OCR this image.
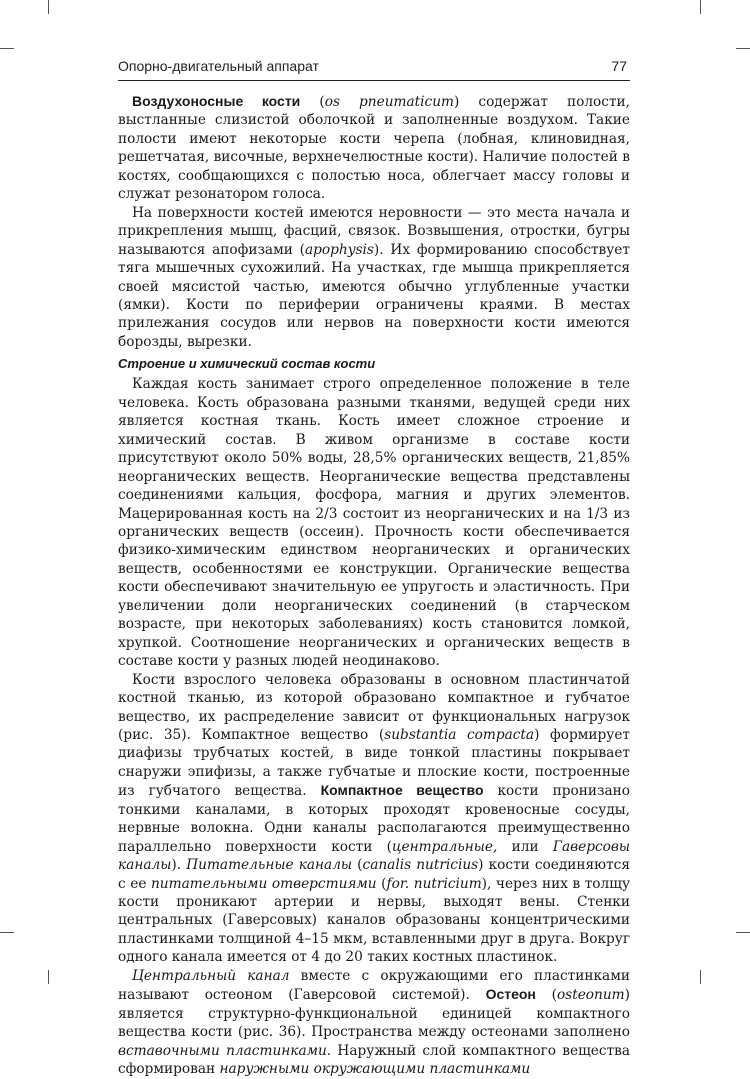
Опорно-двигательный аппарат	77

Воздухоносные кости (os pneumaticum) содержат полости, выстланные слизистой оболочкой и заполненные воздухом. Такие полости имеют некоторые кости черепа (лобная, клиновидная, решетчатая, височные, верхнечелюстные кости). Наличие полостей в костях, сообщающихся с полостью носа, облегчает массу головы и служат резонатором голоса.

На поверхности костей имеются неровности — это места начала и прикрепления мышц, фасций, связок. Возвышения, отростки, бугры называются апофизами (apophysis). Их формированию способствует тяга мышечных сухожилий. На участках, где мышца прикрепляется своей мясистой частью, имеются обычно углубленные участки (ямки). Кости по периферии ограничены краями. В местах прилежания сосудов или нервов на поверхности кости имеются борозды, вырезки.

Строение и химический состав кости

Каждая кость занимает строго определенное положение в теле человека. Кость образована разными тканями, ведущей среди них является костная ткань. Кость имеет сложное строение и химический состав. В живом организме в составе кости присутствуют около 50% воды, 28,5% органических веществ, 21,85% неорганических веществ. Неорганические вещества представлены соединениями кальция, фосфора, магния и других элементов. Мацерированная кость на 2/3 состоит из неорганических и на 1/3 из органических веществ (оссеин). Прочность кости обеспечивается физико-химическим единством неорганических и органических веществ, особенностями ее конструкции. Органические вещества кости обеспечивают значительную ее упругость и эластичность. При увеличении доли неорганических соединений (в старческом возрасте, при некоторых заболеваниях) кость становится ломкой, хрупкой. Соотношение неорганических и органических веществ в составе кости у разных людей неодинаково.

Кости взрослого человека образованы в основном пластинчатой костной тканью, из которой образовано компактное и губчатое вещество, их распределение зависит от функциональных нагрузок (рис. 35). Компактное вещество (substantia compacta) формирует диафизы трубчатых костей, в виде тонкой пластины покрывает снаружи эпифизы, а также губчатые и плоские кости, построенные из губчатого вещества. Компактное вещество кости пронизано тонкими каналами, в которых проходят кровеносные сосуды, нервные волокна. Одни каналы располагаются преимущественно параллельно поверхности кости (центральные, или Гаверсовы каналы). Питательные каналы (canalis nutricius) кости соединяются с ее питательными отверстиями (for. nutricium), через них в толщу кости проникают артерии и нервы, выходят вены. Стенки центральных (Гаверсовых) каналов образованы концентрическими пластинками толщиной 4–15 мкм, вставленными друг в друга. Вокруг одного канала имеется от 4 до 20 таких костных пластинок.

Центральный канал вместе с окружающими его пластинками называют остеоном (Гаверсовой системой). Остеон (osteonum) является структурно-функциональной единицей компактного вещества кости (рис. 36). Пространства между остеонами заполнено вставочными пластинками. Наружный слой компактного вещества сформирован наружными окружающими пластинками
